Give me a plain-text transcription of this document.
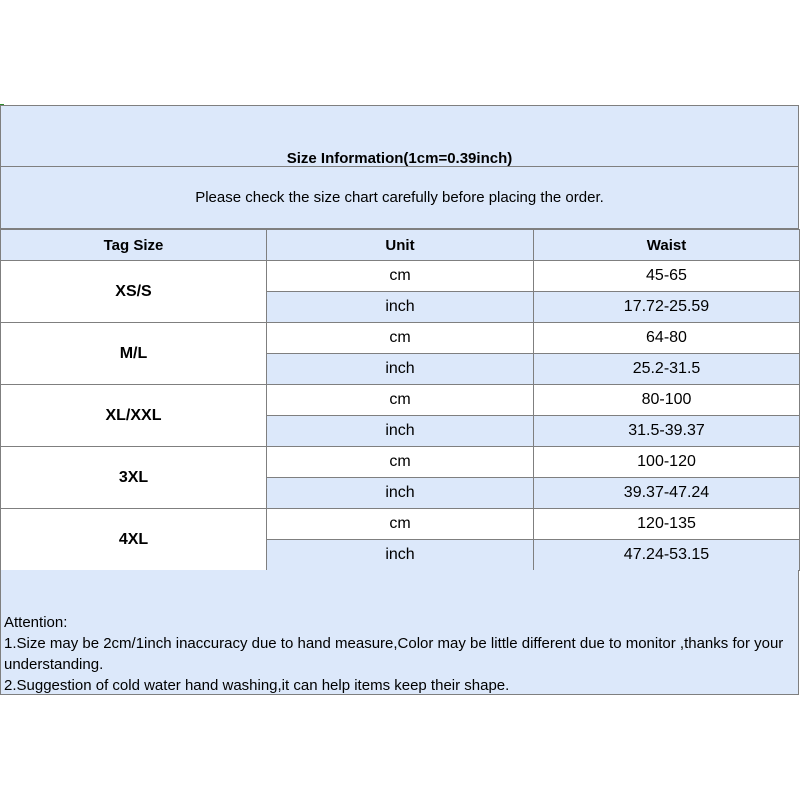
Size Information(1cm=0.39inch)
Please check the size chart carefully before placing the order.
Tag Size	Unit	Waist
XS/S	cm	45-65
	inch	17.72-25.59
M/L	cm	64-80
	inch	25.2-31.5
XL/XXL	cm	80-100
	inch	31.5-39.37
3XL	cm	100-120
	inch	39.37-47.24
4XL	cm	120-135
	inch	47.24-53.15
Attention:
1.Size may be 2cm/1inch inaccuracy due to hand measure,Color may be little different due to monitor ,thanks for your understanding.
2.Suggestion of cold water hand washing,it can help items keep their shape.
